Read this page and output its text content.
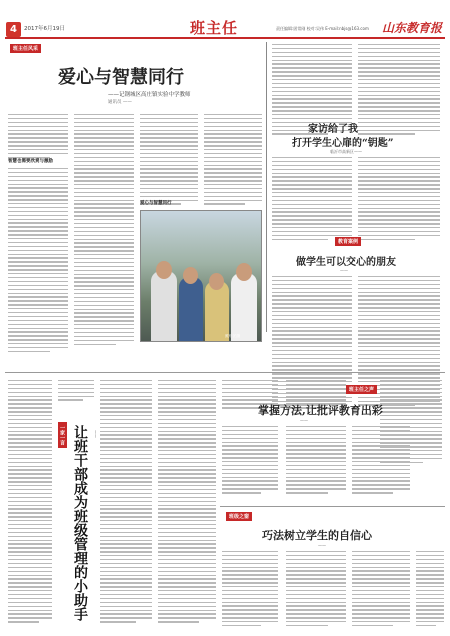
4	2017年6月19日	班主任	责任编辑:匿常刚 校对:吴伟 E-mail:nbjs@163.com 山东教育报
班主任风采
爱心与智慧同行
——记钢城区高庄镇实验中学教师
通讯员 ——
智慧也需要欣赏与激励
爱心与智慧同行
照片 拍摄
家访给了我
打开学生心扉的“钥匙”
临沂市高新区——
教育案例
做学生可以交心的朋友
——
一家一言 让班干部成为班级管理的小助手	——
班主任之声
掌握方法,让批评教育出彩
——
班级之窗
巧法树立学生的自信心
——
